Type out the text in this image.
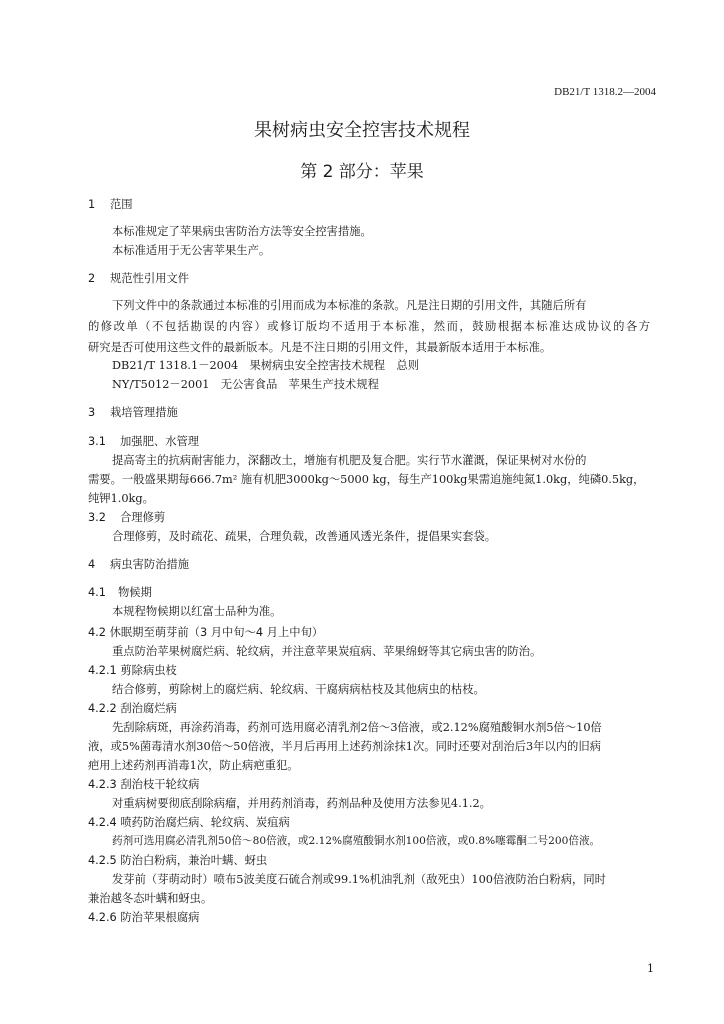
DB21/T 1318.2—2004
果树病虫安全控害技术规程
第 2 部分：苹果
1 范围
本标准规定了苹果病虫害防治方法等安全控害措施。
本标准适用于无公害苹果生产。
2 规范性引用文件
下列文件中的条款通过本标准的引用而成为本标准的条款。凡是注日期的引用文件，其随后所有
的修改单（不包括勘误的内容）或修订版均不适用于本标准，然而，鼓励根据本标准达成协议的各方
研究是否可使用这些文件的最新版本。凡是不注日期的引用文件，其最新版本适用于本标准。
DB21/T 1318.1－2004　果树病虫安全控害技术规程　总则
NY/T5012－2001　无公害食品　苹果生产技术规程
3 栽培管理措施
3.1 加强肥、水管理
提高寄主的抗病耐害能力，深翻改土，增施有机肥及复合肥。实行节水灌溉，保证果树对水份的
需要。一般盛果期每666.7m² 施有机肥3000kg～5000 kg，每生产100kg果需追施纯氮1.0kg，纯磷0.5kg，
纯钾1.0kg。
3.2 合理修剪
合理修剪，及时疏花、疏果，合理负载，改善通风透光条件，提倡果实套袋。
4 病虫害防治措施
4.1 物候期
本规程物候期以红富士品种为准。
4.2 休眠期至萌芽前（3 月中旬～4 月上中旬）
重点防治苹果树腐烂病、轮纹病，并注意苹果炭疽病、苹果绵蚜等其它病虫害的防治。
4.2.1 剪除病虫枝
结合修剪，剪除树上的腐烂病、轮纹病、干腐病病枯枝及其他病虫的枯枝。
4.2.2 刮治腐烂病
先刮除病斑，再涂药消毒，药剂可选用腐必清乳剂2倍～3倍液，或2.12%腐殖酸铜水剂5倍～10倍
液，或5%菌毒清水剂30倍～50倍液，半月后再用上述药剂涂抹1次。同时还要对刮治后3年以内的旧病
疤用上述药剂再消毒1次，防止病疤重犯。
4.2.3 刮治枝干轮纹病
对重病树要彻底刮除病瘤，并用药剂消毒，药剂品种及使用方法参见4.1.2。
4.2.4 喷药防治腐烂病、轮纹病、炭疽病
药剂可选用腐必清乳剂50倍～80倍液，或2.12%腐殖酸铜水剂100倍液，或0.8%噻霉酮二号200倍液。
4.2.5 防治白粉病，兼治叶螨、蚜虫
发芽前（芽萌动时）喷布5波美度石硫合剂或99.1%机油乳剂（敌死虫）100倍液防治白粉病，同时
兼治越冬态叶螨和蚜虫。
4.2.6 防治苹果根腐病
1
